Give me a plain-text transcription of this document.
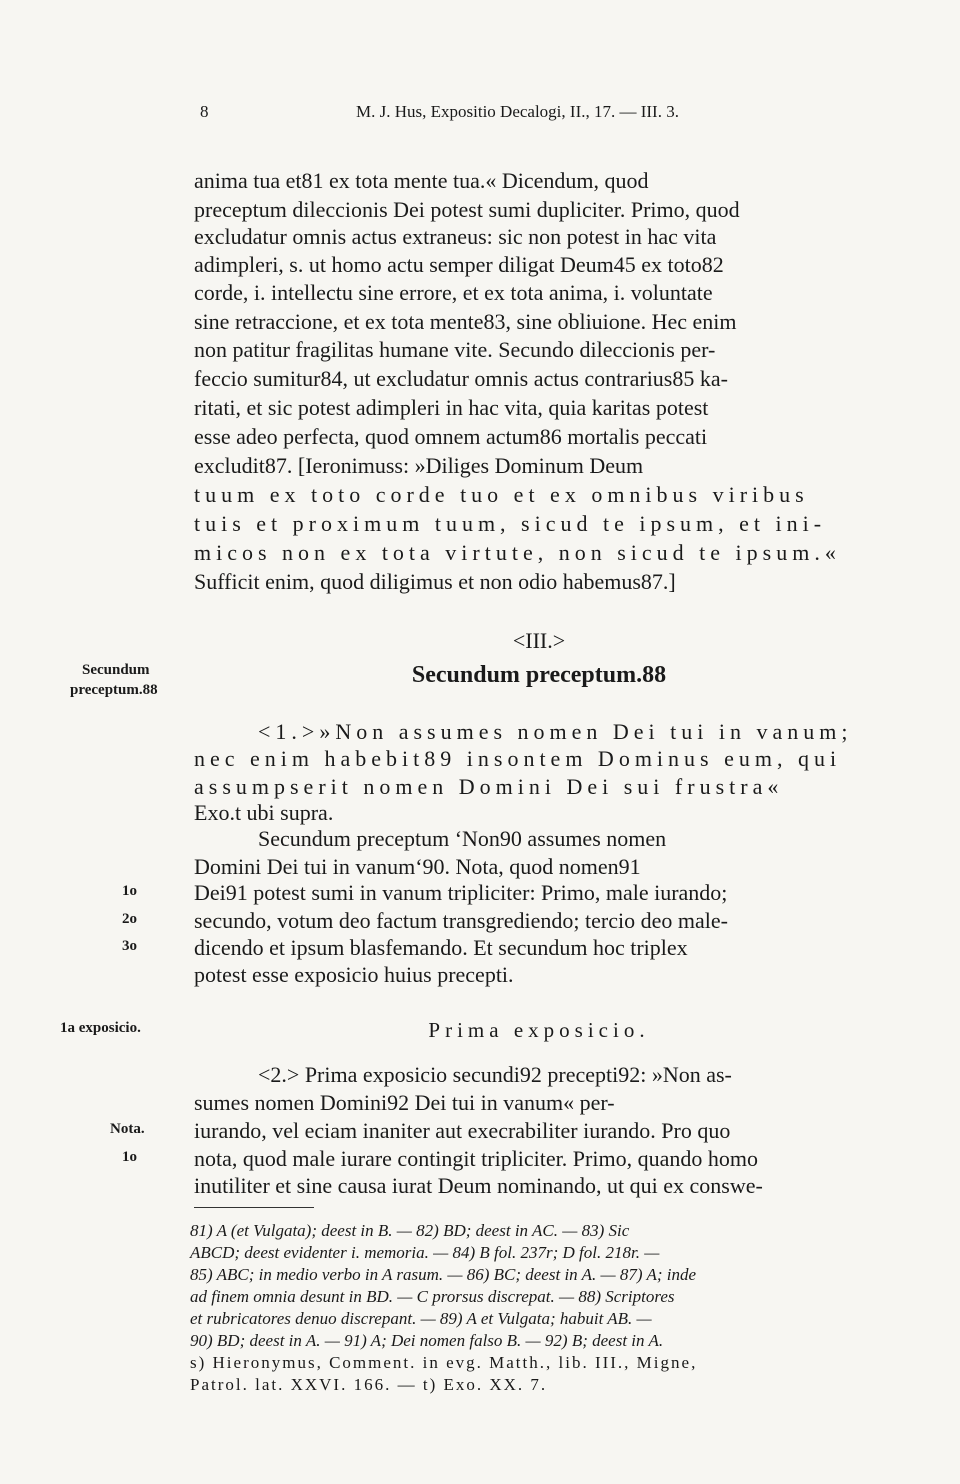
8	M. J. Hus, Expositio Decalogi, II., 17. — III. 3.
anima tua et81 ex tota mente tua.« Dicendum, quod
preceptum dileccionis Dei potest sumi dupliciter. Primo, quod
excludatur omnis actus extraneus: sic non potest in hac vita
adimpleri, s. ut homo actu semper diligat Deum45 ex toto82
corde, i. intellectu sine errore, et ex tota anima, i. voluntate
sine retraccione, et ex tota mente83, sine obliuione. Hec enim
non patitur fragilitas humane vite. Secundo dileccionis per-
feccio sumitur84, ut excludatur omnis actus contrarius85 ka-
ritati, et sic potest adimpleri in hac vita, quia karitas potest
esse adeo perfecta, quod omnem actum86 mortalis peccati
excludit87. [Ieronimuss: »Diliges Dominum Deum
tuum ex toto corde tuo et ex omnibus viribus
tuis et proximum tuum, sicud te ipsum, et ini-
micos non ex tota virtute, non sicud te ipsum.«
Sufficit enim, quod diligimus et non odio habemus87.]
<III.>
Secundum preceptum.88
Secundum
preceptum.88
<1.>»Non assumes nomen Dei tui in vanum;
nec enim habebit89 insontem Dominus eum, qui
assumpserit nomen Domini Dei sui frustra«
Exo.t ubi supra.
Secundum preceptum ‘Non90 assumes nomen
Domini Dei tui in vanum‘90. Nota, quod nomen91
Dei91 potest sumi in vanum tripliciter: Primo, male iurando;
secundo, votum deo factum transgrediendo; tercio deo male-
dicendo et ipsum blasfemando. Et secundum hoc triplex
potest esse exposicio huius precepti.
1o
2o
3o
Prima exposicio.
1a exposicio.
<2.> Prima exposicio secundi92 precepti92: »Non as-
sumes nomen Domini92 Dei tui in vanum« per-
iurando, vel eciam inaniter aut execrabiliter iurando. Pro quo
nota, quod male iurare contingit tripliciter. Primo, quando homo
inutiliter et sine causa iurat Deum nominando, ut qui ex conswe-
Nota.
1o
81) A (et Vulgata); deest in B. — 82) BD; deest in AC. — 83) Sic
ABCD; deest evidenter i. memoria. — 84) B fol. 237r; D fol. 218r. —
85) ABC; in medio verbo in A rasum. — 86) BC; deest in A. — 87) A; inde
ad finem omnia desunt in BD. — C prorsus discrepat. — 88) Scriptores
et rubricatores denuo discrepant. — 89) A et Vulgata; habuit AB. —
90) BD; deest in A. — 91) A; Dei nomen falso B. — 92) B; deest in A.
s) Hieronymus, Comment. in evg. Matth., lib. III., Migne,
Patrol. lat. XXVI. 166. — t) Exo. XX. 7.
